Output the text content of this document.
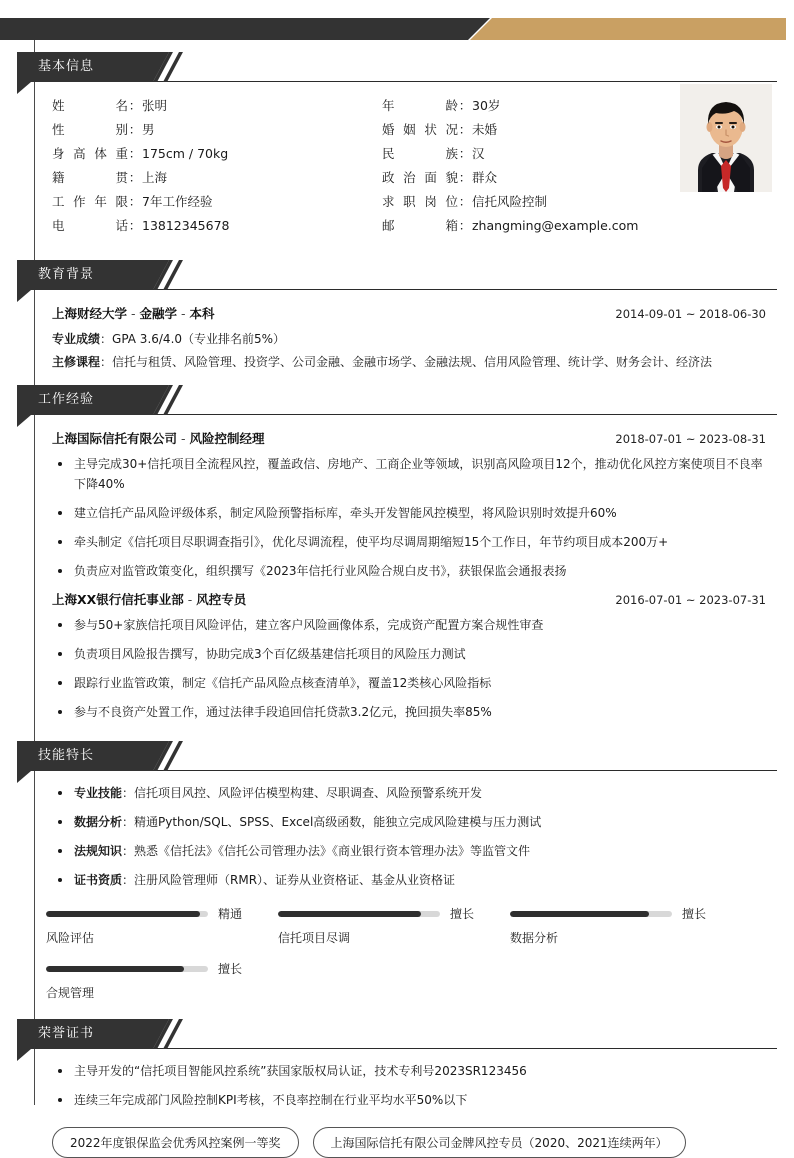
基本信息
姓名 ： 张明
性别 ： 男
身高体重 ： 175cm / 70kg
籍贯 ： 上海
工作年限 ： 7年工作经验
电话 ： 13812345678
年龄 ： 30岁
婚姻状况 ： 未婚
民族 ： 汉
政治面貌 ： 群众
求职岗位 ： 信托风险控制
邮箱 ： zhangming@example.com
教育背景
上海财经大学 - 金融学 - 本科	2014-09-01 ~ 2018-06-30
专业成绩：GPA 3.6/4.0（专业排名前5%）
主修课程：信托与租赁、风险管理、投资学、公司金融、金融市场学、金融法规、信用风险管理、统计学、财务会计、经济法
工作经验
上海国际信托有限公司 - 风险控制经理	2018-07-01 ~ 2023-08-31
主导完成30+信托项目全流程风控，覆盖政信、房地产、工商企业等领域，识别高风险项目12个，推动优化风控方案使项目不良率下降40%
建立信托产品风险评级体系，制定风险预警指标库，牵头开发智能风控模型，将风险识别时效提升60%
牵头制定《信托项目尽职调查指引》，优化尽调流程，使平均尽调周期缩短15个工作日，年节约项目成本200万+
负责应对监管政策变化，组织撰写《2023年信托行业风险合规白皮书》，获银保监会通报表扬
上海XX银行信托事业部 - 风控专员	2016-07-01 ~ 2023-07-31
参与50+家族信托项目风险评估，建立客户风险画像体系，完成资产配置方案合规性审查
负责项目风险报告撰写，协助完成3个百亿级基建信托项目的风险压力测试
跟踪行业监管政策，制定《信托产品风险点核查清单》，覆盖12类核心风险指标
参与不良资产处置工作，通过法律手段追回信托贷款3.2亿元，挽回损失率85%
技能特长
专业技能：信托项目风控、风险评估模型构建、尽职调查、风险预警系统开发
数据分析：精通Python/SQL、SPSS、Excel高级函数，能独立完成风险建模与压力测试
法规知识：熟悉《信托法》《信托公司管理办法》《商业银行资本管理办法》等监管文件
证书资质：注册风险管理师（RMR）、证券从业资格证、基金从业资格证
精通
风险评估
擅长
信托项目尽调
擅长
数据分析
擅长
合规管理
荣誉证书
主导开发的“信托项目智能风控系统”获国家版权局认证，技术专利号2023SR123456
连续三年完成部门风险控制KPI考核，不良率控制在行业平均水平50%以下
2022年度银保监会优秀风控案例一等奖	上海国际信托有限公司金牌风控专员（2020、2021连续两年）
